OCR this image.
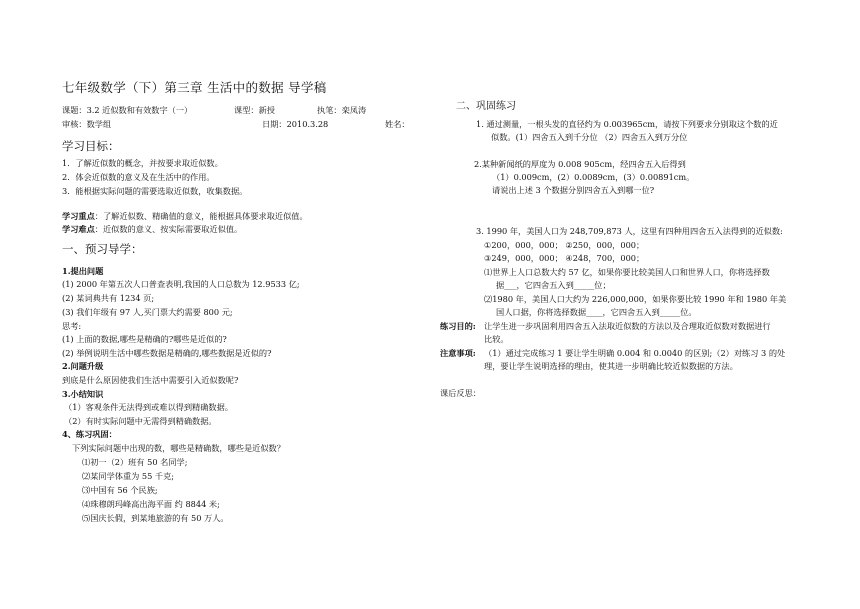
七年级数学（下）第三章 生活中的数据 导学稿
课题：3.2 近似数和有效数字（一）	课型：新授	执笔：栾凤涛
审核：数学组	日期：2010.3.28	姓名：
学习目标：
1．了解近似数的概念，并按要求取近似数。
2．体会近似数的意义及在生活中的作用。
3．能根据实际问题的需要选取近似数，收集数据。
学习重点：了解近似数、精确值的意义，能根据具体要求取近似值。
学习难点：近似数的意义、按实际需要取近似值。
一、预习导学：
1.提出问题
(1) 2000 年第五次人口普查表明,我国的人口总数为 12.9533 亿;
(2) 某词典共有 1234 页;
(3) 我们年级有 97 人,买门票大约需要 800 元;
思考:
(1) 上面的数据,哪些是精确的?哪些是近似的?
(2) 举例说明生活中哪些数据是精确的,哪些数据是近似的?
2.问题升级
到底是什么原因使我们生活中需要引入近似数呢?
3.小结知识
（1）客观条件无法得到或难以得到精确数据。
（2）有时实际问题中无需得到精确数据。
4、练习巩固：
下列实际问题中出现的数，哪些是精确数，哪些是近似数？
⑴初一（2）班有 50 名同学;
⑵某同学体重为 55 千克;
⑶中国有 56 个民族;
⑷珠穆朗玛峰高出海平面 约 8844 米;
⑸国庆长假，到某地旅游的有 50 万人。
二、巩固练习
1. 通过测量，一根头发的直径约为 0.003965cm，请按下列要求分别取这个数的近
似数。(1）四舍五入到千分位 （2）四舍五入到万分位
2.某种新闻纸的厚度为 0.008 905cm，经四舍五入后得到
（1）0.009cm，(2）0.0089cm，(3）0.00891cm。
请说出上述 3 个数据分别四舍五入到哪一位?
3. 1990 年，美国人口为 248,709,873 人，这里有四种用四舍五入法得到的近似数:
①200，000，000； ②250，000，000；
③249，000，000； ④248，700，000；
⑴世界上人口总数大约 57 亿，如果你要比较美国人口和世界人口，你将选择数
据___，它四舍五入到_____位；
⑵1980 年，美国人口大约为 226,000,000，如果你要比较 1990 年和 1980 年美
国人口据，你将选择数据____，它四舍五入到_____位。
练习目的: 让学生进一步巩固利用四舍五入法取近似数的方法以及合理取近似数对数据进行
比较。
注意事项: （1）通过完成练习 1 要让学生明确 0.004 和 0.0040 的区别;（2）对练习 3 的处
理，要让学生说明选择的理由，使其进一步明确比较近似数据的方法。
课后反思：
